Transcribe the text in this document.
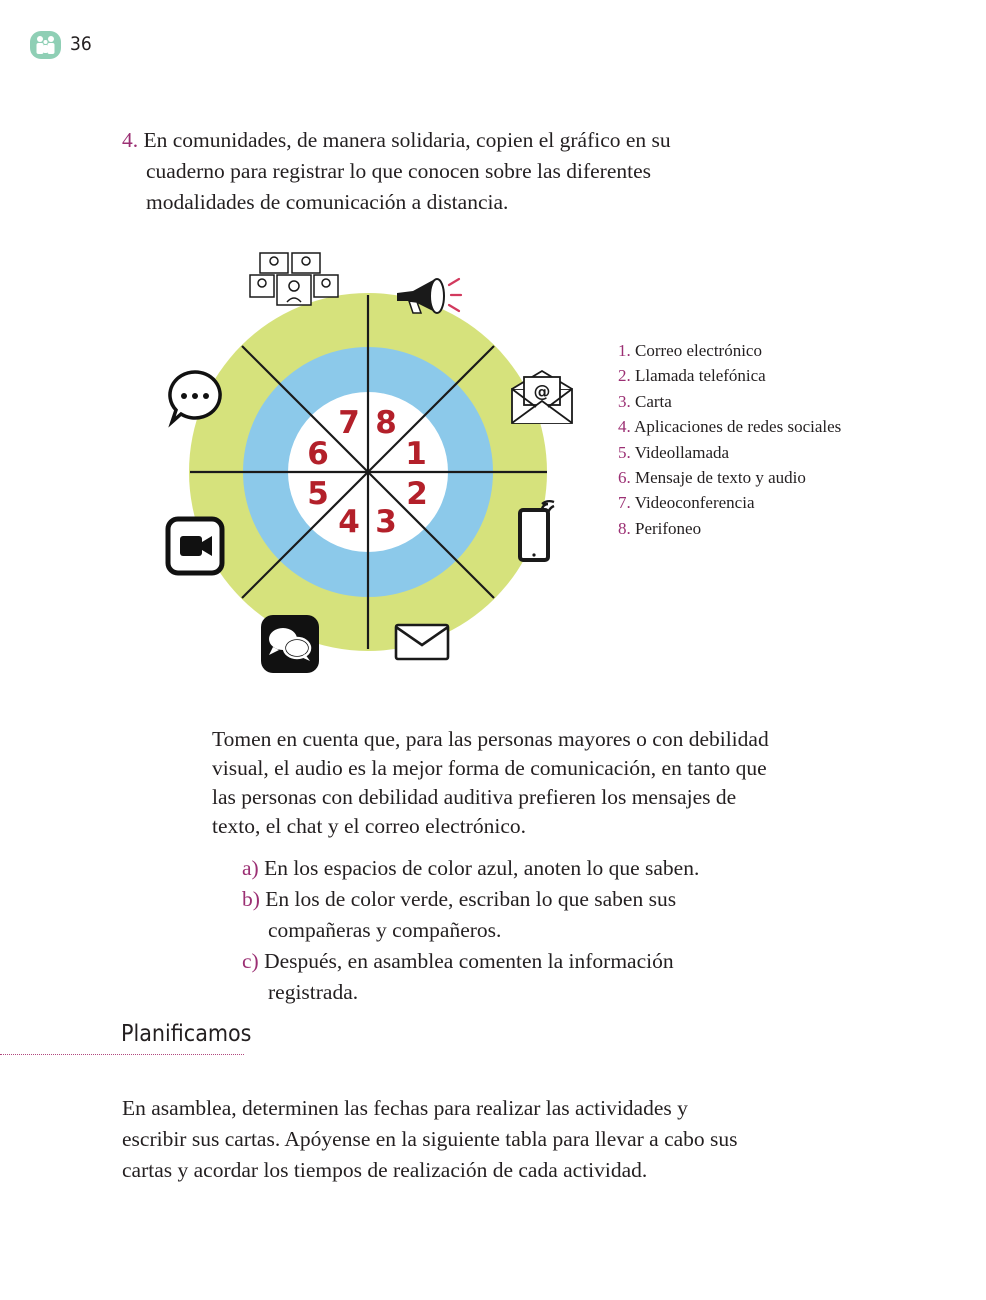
36
4. En comunidades, de manera solidaria, copien el gráfico en su cuaderno para registrar lo que conocen sobre las diferentes modalidades de comunicación a distancia.
1
2
3
4
5
6
7 8
@
1. Correo electrónico
2. Llamada telefónica
3. Carta
4. Aplicaciones de redes sociales
5. Videollamada
6. Mensaje de texto y audio
7. Videoconferencia
8. Perifoneo
Tomen en cuenta que, para las personas mayores o con debilidad visual, el audio es la mejor forma de comunicación, en tanto que las personas con debilidad auditiva prefieren los mensajes de texto, el chat y el correo electrónico.
a) En los espacios de color azul, anoten lo que saben.
b) En los de color verde, escriban lo que saben sus compañeras y compañeros.
c) Después, en asamblea comenten la información registrada.
Planificamos
En asamblea, determinen las fechas para realizar las actividades y escribir sus cartas. Apóyense en la siguiente tabla para llevar a cabo sus cartas y acordar los tiempos de realización de cada actividad.
